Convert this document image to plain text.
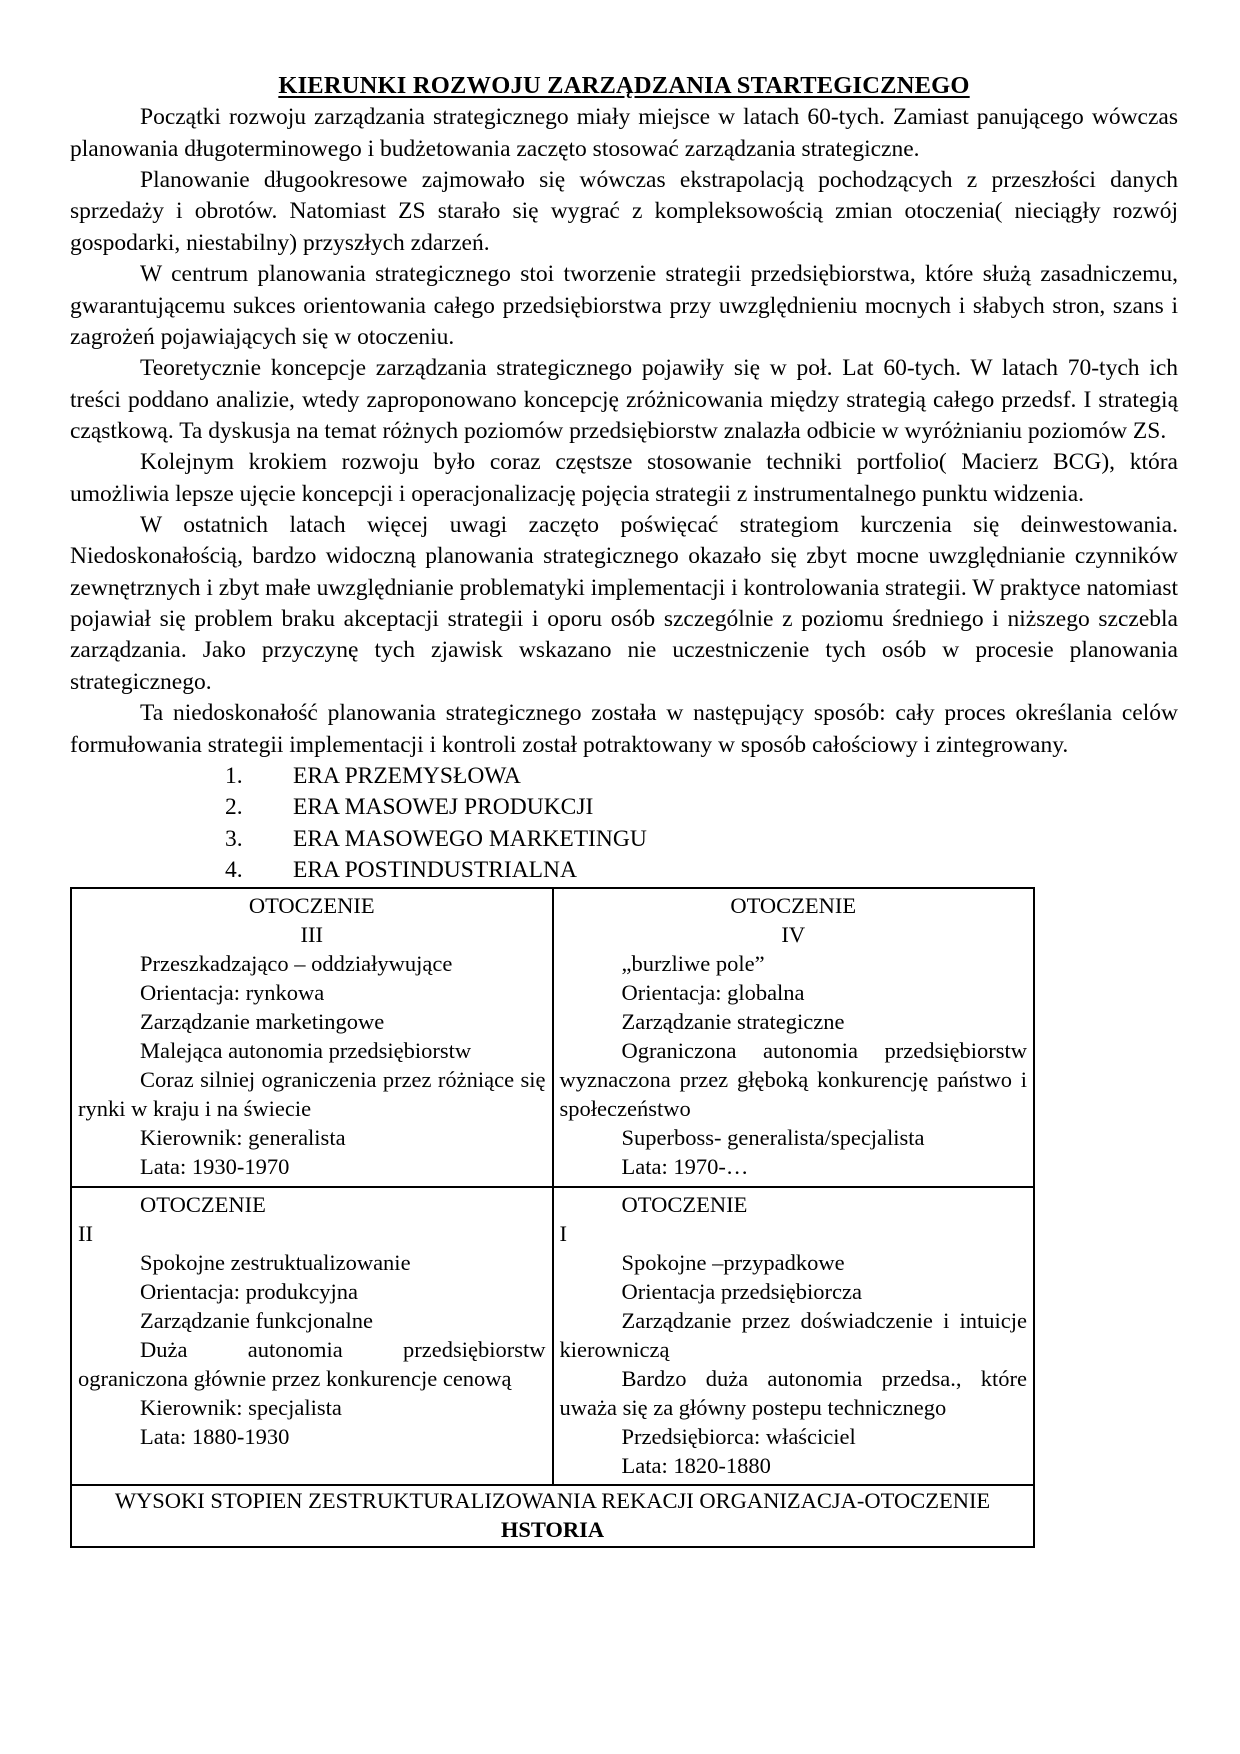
KIERUNKI ROZWOJU ZARZĄDZANIA STARTEGICZNEGO

Początki rozwoju zarządzania strategicznego miały miejsce w latach 60-tych. Zamiast panującego wówczas planowania długoterminowego i budżetowania zaczęto stosować zarządzania strategiczne.

Planowanie długookresowe zajmowało się wówczas ekstrapolacją pochodzących z przeszłości danych sprzedaży i obrotów. Natomiast ZS starało się wygrać z kompleksowością zmian otoczenia( nieciągły rozwój gospodarki, niestabilny) przyszłych zdarzeń.

W centrum planowania strategicznego stoi tworzenie strategii przedsiębiorstwa, które służą zasadniczemu, gwarantującemu sukces orientowania całego przedsiębiorstwa przy uwzględnieniu mocnych i słabych stron, szans i zagrożeń pojawiających się w otoczeniu.

Teoretycznie koncepcje zarządzania strategicznego pojawiły się w poł. Lat 60-tych. W latach 70-tych ich treści poddano analizie, wtedy zaproponowano koncepcję zróżnicowania między strategią całego przedsf. I strategią cząstkową. Ta dyskusja na temat różnych poziomów przedsiębiorstw znalazła odbicie w wyróżnianiu poziomów ZS.

Kolejnym krokiem rozwoju było coraz częstsze stosowanie techniki portfolio( Macierz BCG), która umożliwia lepsze ujęcie koncepcji i operacjonalizację pojęcia strategii z instrumentalnego punktu widzenia.

W ostatnich latach więcej uwagi zaczęto poświęcać strategiom kurczenia się deinwestowania. Niedoskonałością, bardzo widoczną planowania strategicznego okazało się zbyt mocne uwzględnianie czynników zewnętrznych i zbyt małe uwzględnianie problematyki implementacji i kontrolowania strategii. W praktyce natomiast pojawiał się problem braku akceptacji strategii i oporu osób szczególnie z poziomu średniego i niższego szczebla zarządzania. Jako przyczynę tych zjawisk wskazano nie uczestniczenie tych osób w procesie planowania strategicznego.

Ta niedoskonałość planowania strategicznego została w następujący sposób: cały proces określania celów formułowania strategii implementacji i kontroli został potraktowany w sposób całościowy i zintegrowany.

1.	ERA PRZEMYSŁOWA
2.	ERA MASOWEJ PRODUKCJI
3.	ERA MASOWEGO MARKETINGU
4.	ERA POSTINDUSTRIALNA
OTOCZENIE
III
Przeszkadzająco – oddziaływujące
Orientacja: rynkowa
Zarządzanie marketingowe
Malejąca autonomia przedsiębiorstw
Coraz silniej ograniczenia przez różniące się rynki w kraju i na świecie
Kierownik: generalista
Lata: 1930-1970

OTOCZENIE
IV
„burzliwe pole”
Orientacja: globalna
Zarządzanie strategiczne
Ograniczona autonomia przedsiębiorstw wyznaczona przez głęboką konkurencję państwo i społeczeństwo
Superboss- generalista/specjalista
Lata: 1970-…

OTOCZENIE
II
Spokojne zestruktualizowanie
Orientacja: produkcyjna
Zarządzanie funkcjonalne
Duża autonomia przedsiębiorstw ograniczona głównie przez konkurencje cenową
Kierownik: specjalista
Lata: 1880-1930

OTOCZENIE
I
Spokojne –przypadkowe
Orientacja przedsiębiorcza
Zarządzanie przez doświadczenie i intuicje kierowniczą
Bardzo duża autonomia przedsa., które uważa się za główny postepu technicznego
Przedsiębiorca: właściciel
Lata: 1820-1880

WYSOKI STOPIEN ZESTRUKTURALIZOWANIA REKACJI ORGANIZACJA-OTOCZENIE
HSTORIA	
